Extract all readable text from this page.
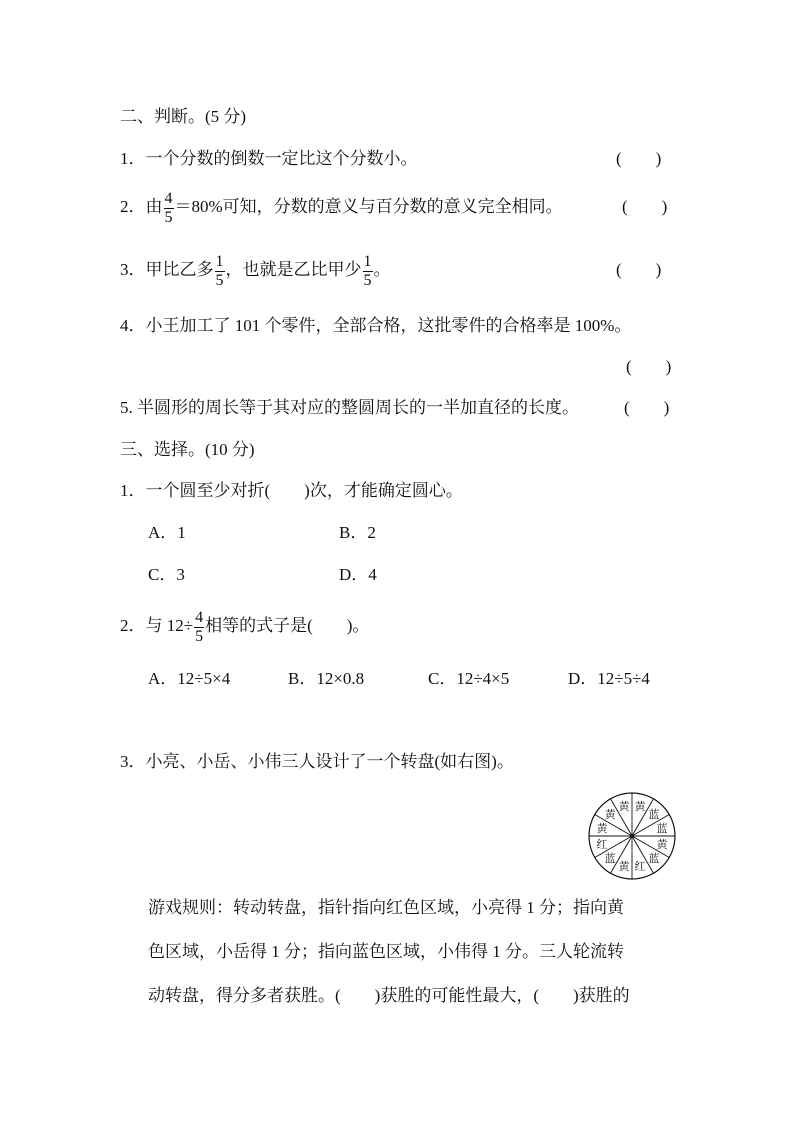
二、判断。(5 分)
1．一个分数的倒数一定比这个分数小。	(　　)
2．由 $\frac{4}{5} =80\%$可知，分数的意义与百分数的意义完全相同。	(　　)
3．甲比乙多 $\frac{1}{5}$ ，也就是乙比甲少 $\frac{1}{5}$ 。	(　　)
4．小王加工了 101 个零件，全部合格，这批零件的合格率是 100%。
(　　)
5. 半圆形的周长等于其对应的整圆周长的一半加直径的长度。	(　　)
三、选择。(10 分)
1．一个圆至少对折(　　)次，才能确定圆心。
A．1	B．2
C．3	D．4
2．与 $12\div \frac{4}{5}$ 相等的式子是(　　)。
A．12÷5×4	B．12×0.8	C．12÷4×5	D．12÷5÷4
3．小亮、小岳、小伟三人设计了一个转盘(如右图)。
黄 黄
蓝
蓝
黄
蓝
红
黄
蓝
红
黄
黄
游戏规则：转动转盘，指针指向红色区域，小亮得 1 分；指向黄
色区域，小岳得 1 分；指向蓝色区域，小伟得 1 分。三人轮流转
动转盘，得分多者获胜。(　　)获胜的可能性最大，(　　)获胜的
